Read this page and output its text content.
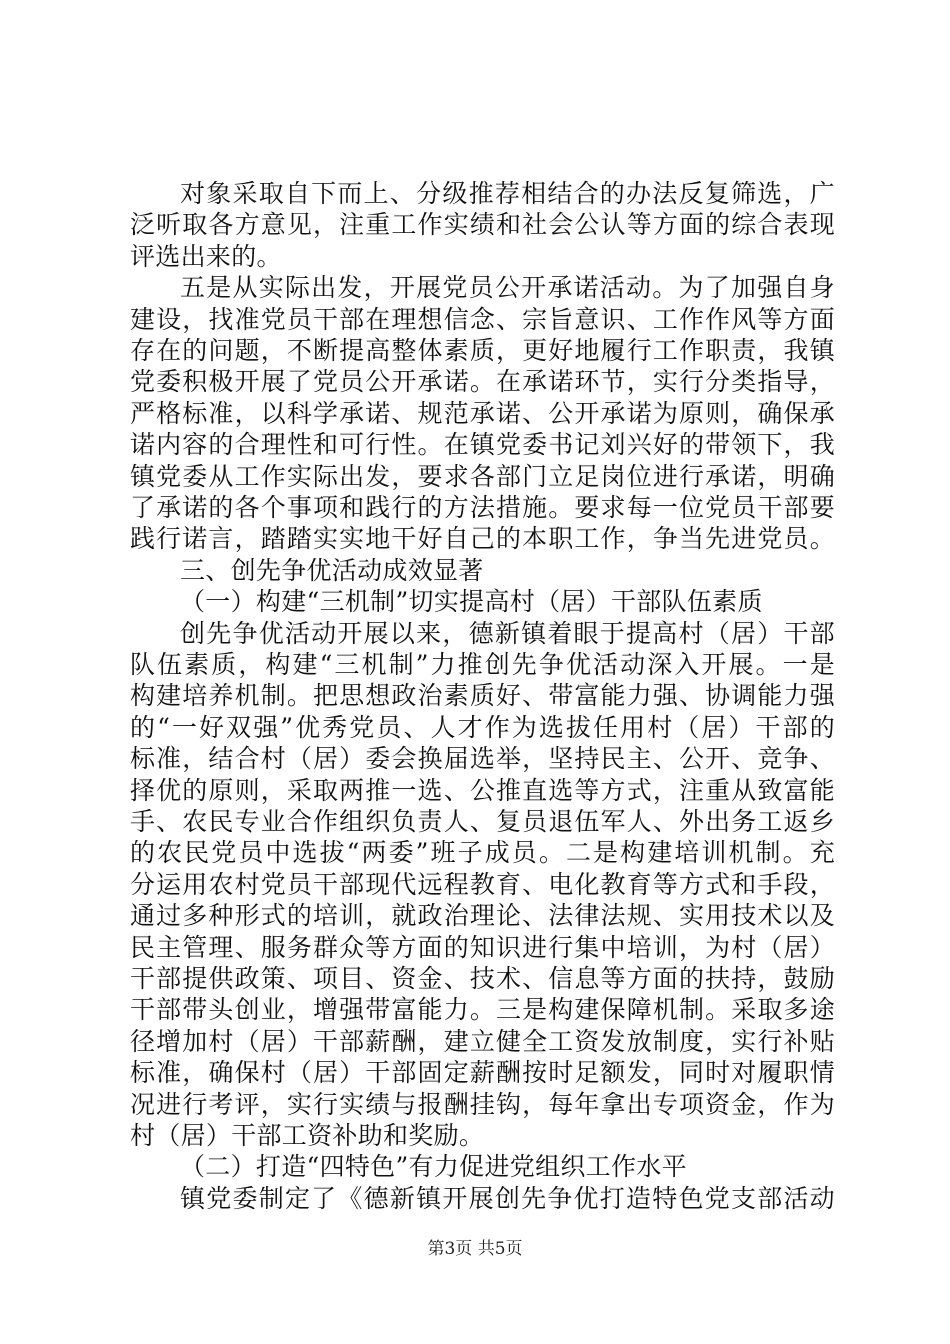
对象采取自下而上、分级推荐相结合的办法反复筛选，广
泛听取各方意见，注重工作实绩和社会公认等方面的综合表现
评选出来的。
五是从实际出发，开展党员公开承诺活动。为了加强自身
建设，找准党员干部在理想信念、宗旨意识、工作作风等方面
存在的问题，不断提高整体素质，更好地履行工作职责，我镇
党委积极开展了党员公开承诺。在承诺环节，实行分类指导，
严格标准，以科学承诺、规范承诺、公开承诺为原则，确保承
诺内容的合理性和可行性。在镇党委书记刘兴好的带领下，我
镇党委从工作实际出发，要求各部门立足岗位进行承诺，明确
了承诺的各个事项和践行的方法措施。要求每一位党员干部要
践行诺言，踏踏实实地干好自己的本职工作，争当先进党员。
三、创先争优活动成效显著
（一）构建“三机制”切实提高村（居）干部队伍素质
创先争优活动开展以来，德新镇着眼于提高村（居）干部
队伍素质，构建“三机制”力推创先争优活动深入开展。一是
构建培养机制。把思想政治素质好、带富能力强、协调能力强
的“一好双强”优秀党员、人才作为选拔任用村（居）干部的
标准，结合村（居）委会换届选举，坚持民主、公开、竞争、
择优的原则，采取两推一选、公推直选等方式，注重从致富能
手、农民专业合作组织负责人、复员退伍军人、外出务工返乡
的农民党员中选拔“两委”班子成员。二是构建培训机制。充
分运用农村党员干部现代远程教育、电化教育等方式和手段，
通过多种形式的培训，就政治理论、法律法规、实用技术以及
民主管理、服务群众等方面的知识进行集中培训，为村（居）
干部提供政策、项目、资金、技术、信息等方面的扶持，鼓励
干部带头创业，增强带富能力。三是构建保障机制。采取多途
径增加村（居）干部薪酬，建立健全工资发放制度，实行补贴
标准，确保村（居）干部固定薪酬按时足额发，同时对履职情
况进行考评，实行实绩与报酬挂钩，每年拿出专项资金，作为
村（居）干部工资补助和奖励。
（二）打造“四特色”有力促进党组织工作水平
镇党委制定了《德新镇开展创先争优打造特色党支部活动
第3页 共5页
